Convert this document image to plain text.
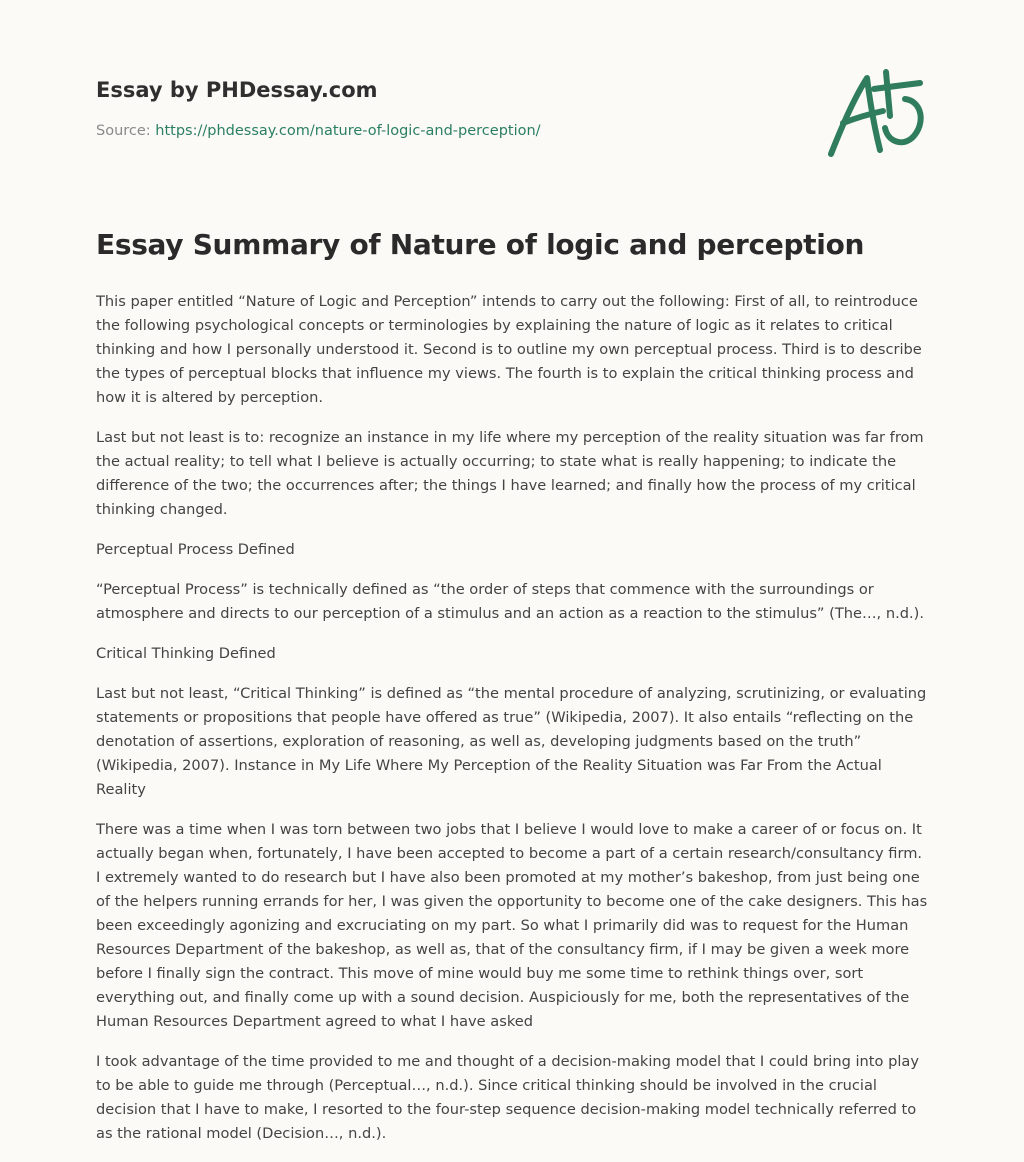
Essay by PHDessay.com
Source: https://phdessay.com/nature-of-logic-and-perception/
Essay Summary of Nature of logic and perception

This paper entitled “Nature of Logic and Perception” intends to carry out the following: First of all, to reintroduce the following psychological concepts or terminologies by explaining the nature of logic as it relates to critical thinking and how I personally understood it. Second is to outline my own perceptual process. Third is to describe the types of perceptual blocks that influence my views. The fourth is to explain the critical thinking process and how it is altered by perception.

Last but not least is to: recognize an instance in my life where my perception of the reality situation was far from the actual reality; to tell what I believe is actually occurring; to state what is really happening; to indicate the difference of the two; the occurrences after; the things I have learned; and finally how the process of my critical thinking changed.

Perceptual Process Defined

“Perceptual Process” is technically defined as “the order of steps that commence with the surroundings or atmosphere and directs to our perception of a stimulus and an action as a reaction to the stimulus” (The…, n.d.).

Critical Thinking Defined

Last but not least, “Critical Thinking” is defined as “the mental procedure of analyzing, scrutinizing, or evaluating statements or propositions that people have offered as true” (Wikipedia, 2007). It also entails “reflecting on the denotation of assertions, exploration of reasoning, as well as, developing judgments based on the truth” (Wikipedia, 2007). Instance in My Life Where My Perception of the Reality Situation was Far From the Actual Reality

There was a time when I was torn between two jobs that I believe I would love to make a career of or focus on. It actually began when, fortunately, I have been accepted to become a part of a certain research/consultancy firm. I extremely wanted to do research but I have also been promoted at my mother’s bakeshop, from just being one of the helpers running errands for her, I was given the opportunity to become one of the cake designers. This has been exceedingly agonizing and excruciating on my part. So what I primarily did was to request for the Human Resources Department of the bakeshop, as well as, that of the consultancy firm, if I may be given a week more before I finally sign the contract. This move of mine would buy me some time to rethink things over, sort everything out, and finally come up with a sound decision. Auspiciously for me, both the representatives of the Human Resources Department agreed to what I have asked

I took advantage of the time provided to me and thought of a decision-making model that I could bring into play to be able to guide me through (Perceptual…, n.d.). Since critical thinking should be involved in the crucial decision that I have to make, I resorted to the four-step sequence decision-making model technically referred to as the rational model (Decision…, n.d.).
